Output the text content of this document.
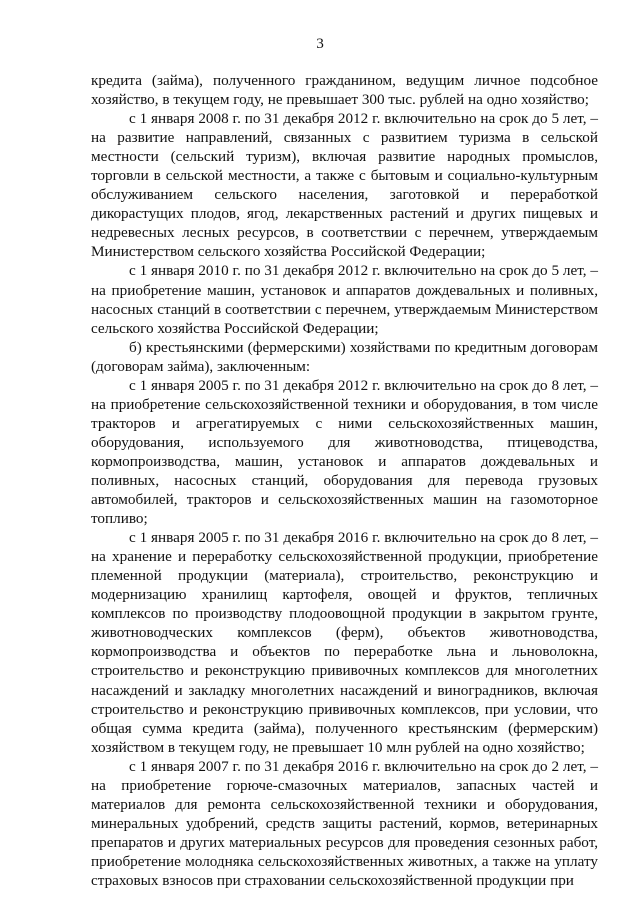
3

кредита (займа), полученного гражданином, ведущим личное подсобное хозяйство, в текущем году, не превышает 300 тыс. рублей на одно хозяйство;

с 1 января 2008 г. по 31 декабря 2012 г. включительно на срок до 5 лет, – на развитие направлений, связанных с развитием туризма в сельской местности (сельский туризм), включая развитие народных промыслов, торговли в сельской местности, а также с бытовым и социально-культурным обслуживанием сельского населения, заготовкой и переработкой дикорастущих плодов, ягод, лекарственных растений и других пищевых и недревесных лесных ресурсов, в соответствии с перечнем, утверждаемым Министерством сельского хозяйства Российской Федерации;

с 1 января 2010 г. по 31 декабря 2012 г. включительно на срок до 5 лет, – на приобретение машин, установок и аппаратов дождевальных и поливных, насосных станций в соответствии с перечнем, утверждаемым Министерством сельского хозяйства Российской Федерации;

б) крестьянскими (фермерскими) хозяйствами по кредитным договорам (договорам займа), заключенным:

с 1 января 2005 г. по 31 декабря 2012 г. включительно на срок до 8 лет, – на приобретение сельскохозяйственной техники и оборудования, в том числе тракторов и агрегатируемых с ними сельскохозяйственных машин, оборудования, используемого для животноводства, птицеводства, кормопроизводства, машин, установок и аппаратов дождевальных и поливных, насосных станций, оборудования для перевода грузовых автомобилей, тракторов и сельскохозяйственных машин на газомоторное топливо;

с 1 января 2005 г. по 31 декабря 2016 г. включительно на срок до 8 лет, – на хранение и переработку сельскохозяйственной продукции, приобретение племенной продукции (материала), строительство, реконструкцию и модернизацию хранилищ картофеля, овощей и фруктов, тепличных комплексов по производству плодоовощной продукции в закрытом грунте, животноводческих комплексов (ферм), объектов животноводства, кормопроизводства и объектов по переработке льна и льноволокна, строительство и реконструкцию прививочных комплексов для многолетних насаждений и закладку многолетних насаждений и виноградников, включая строительство и реконструкцию прививочных комплексов, при условии, что общая сумма кредита (займа), полученного крестьянским (фермерским) хозяйством в текущем году, не превышает 10 млн рублей на одно хозяйство;

с 1 января 2007 г. по 31 декабря 2016 г. включительно на срок до 2 лет, – на приобретение горюче-смазочных материалов, запасных частей и материалов для ремонта сельскохозяйственной техники и оборудования, минеральных удобрений, средств защиты растений, кормов, ветеринарных препаратов и других материальных ресурсов для проведения сезонных работ, приобретение молодняка сельскохозяйственных животных, а также на уплату страховых взносов при страховании сельскохозяйственной продукции при
